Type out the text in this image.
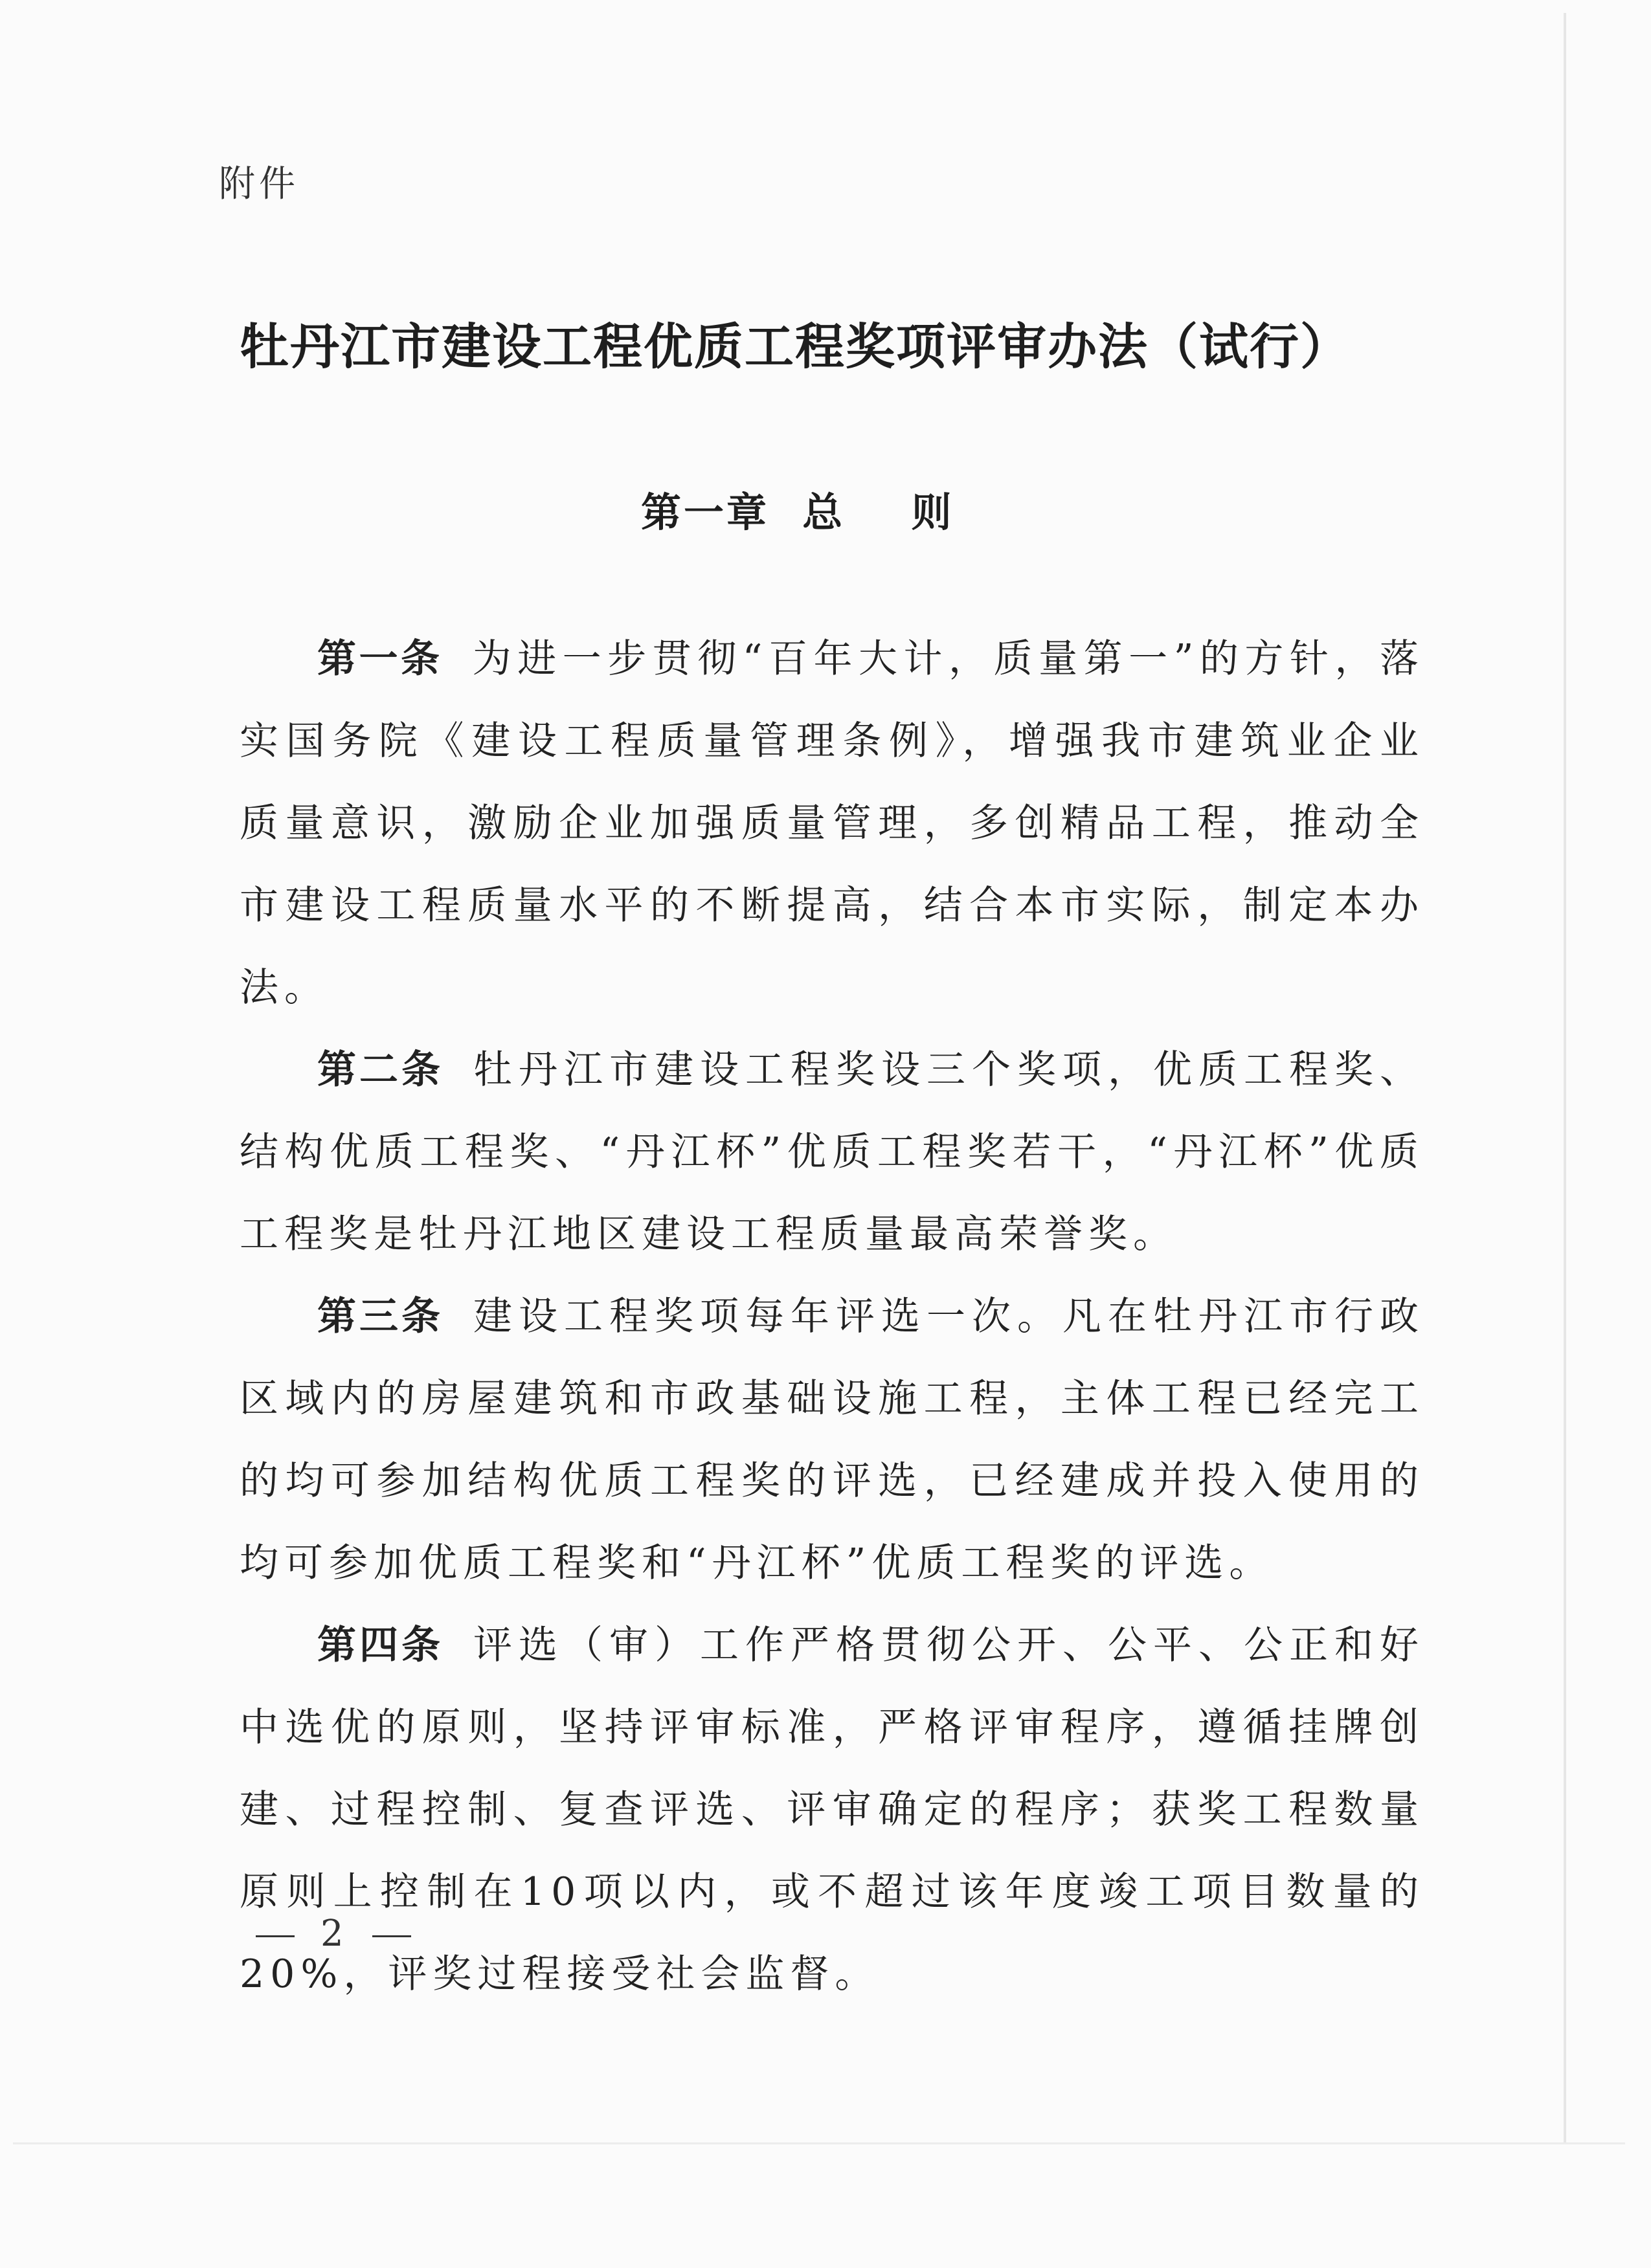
附件
牡丹江市建设工程优质工程奖项评审办法（试行）
第一章  总    则

第一条 为进一步贯彻“百年大计，质量第一”的方针，落实国务院《建设工程质量管理条例》，增强我市建筑业企业质量意识，激励企业加强质量管理，多创精品工程，推动全市建设工程质量水平的不断提高，结合本市实际，制定本办法。

第二条 牡丹江市建设工程奖设三个奖项，优质工程奖、结构优质工程奖、“丹江杯”优质工程奖若干，“丹江杯”优质工程奖是牡丹江地区建设工程质量最高荣誉奖。

第三条 建设工程奖项每年评选一次。凡在牡丹江市行政区域内的房屋建筑和市政基础设施工程，主体工程已经完工的均可参加结构优质工程奖的评选，已经建成并投入使用的均可参加优质工程奖和“丹江杯”优质工程奖的评选。

第四条 评选（审）工作严格贯彻公开、公平、公正和好中选优的原则，坚持评审标准，严格评审程序，遵循挂牌创建、过程控制、复查评选、评审确定的程序；获奖工程数量原则上控制在10项以内，或不超过该年度竣工项目数量的20%，评奖过程接受社会监督。

2
